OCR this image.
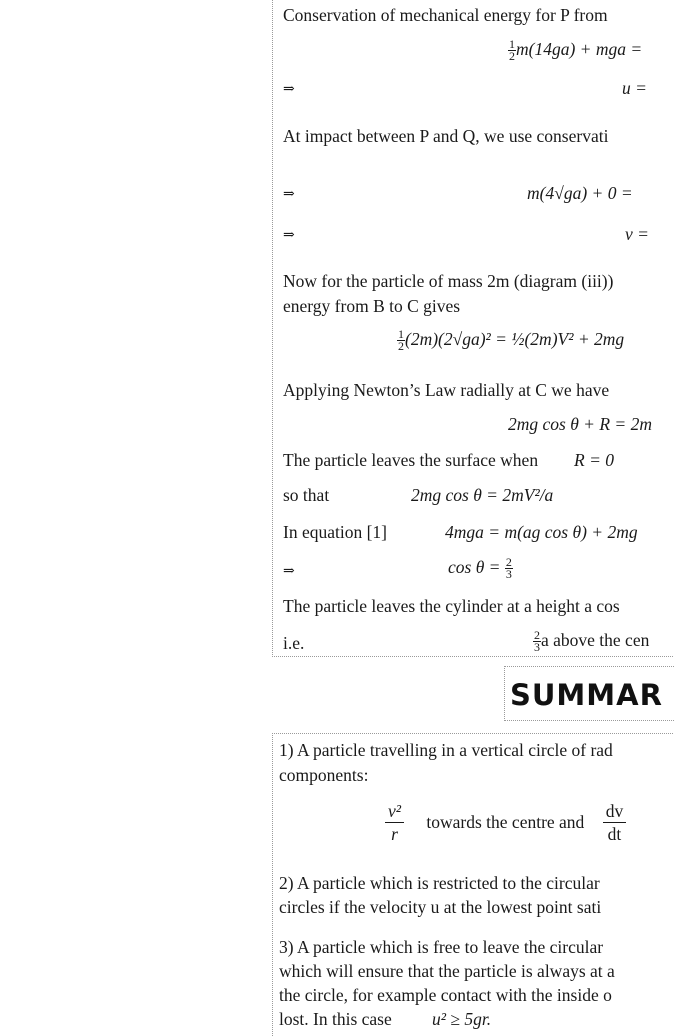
Conservation of mechanical energy for P from
$\frac{1}{2} m(14ga)$ + mga =
⇒	u =
At impact between P and Q, we use conservati
⇒	m(4√ga) + 0 =
⇒	v =
Now for the particle of mass 2m (diagram (iii))
energy from B to C gives
$\frac{1}{2} (2m)(2√ga)^2$ = ½(2m)V² + 2mg
Applying Newton’s Law radially at C we have
2mg cos θ + R = 2m
The particle leaves the surface when R = 0
so that	2mg cos θ = 2mV²/a
In equation [1]	4mga = m(ag cos θ) + 2mg
⇒	$\cos \theta = \frac{2}{3}$
The particle leaves the cylinder at a height a cos
i.e.	$\frac{2}{3}$ a above the cen
SUMMAR
1) A particle travelling in a vertical circle of rad
components:
$\frac{\text{v²}}{r}$ towards the centre and $\frac{dv}{dt}$
2) A particle which is restricted to the circular
circles if the velocity u at the lowest point sati
3) A particle which is free to leave the circular
which will ensure that the particle is always at a
the circle, for example contact with the inside o
lost. In this case u² ≥ 5gr.
